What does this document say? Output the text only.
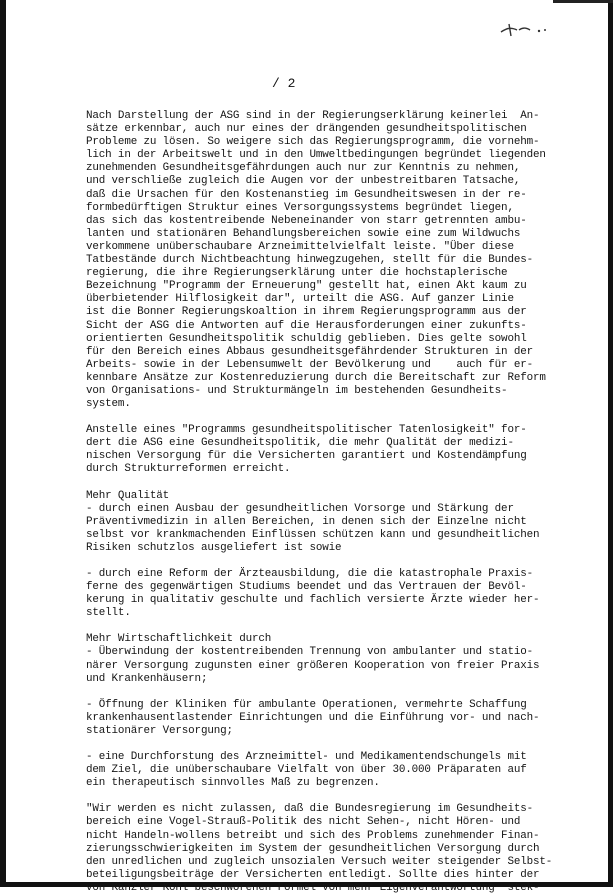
/ 2

Nach Darstellung der ASG sind in der Regierungserklärung keinerlei  An-
sätze erkennbar, auch nur eines der drängenden gesundheitspolitischen
Probleme zu lösen. So weigere sich das Regierungsprogramm, die vornehm-
lich in der Arbeitswelt und in den Umweltbedingungen begründet liegenden
zunehmenden Gesundheitsgefährdungen auch nur zur Kenntnis zu nehmen,
und verschließe zugleich die Augen vor der unbestreitbaren Tatsache,
daß die Ursachen für den Kostenanstieg im Gesundheitswesen in der re-
formbedürftigen Struktur eines Versorgungssystems begründet liegen,
das sich das kostentreibende Nebeneinander von starr getrennten ambu-
lanten und stationären Behandlungsbereichen sowie eine zum Wildwuchs
verkommene unüberschaubare Arzneimittelvielfalt leiste. "Über diese
Tatbestände durch Nichtbeachtung hinwegzugehen, stellt für die Bundes-
regierung, die ihre Regierungserklärung unter die hochstaplerische
Bezeichnung "Programm der Erneuerung" gestellt hat, einen Akt kaum zu
überbietender Hilflosigkeit dar", urteilt die ASG. Auf ganzer Linie
ist die Bonner Regierungskoaltion in ihrem Regierungsprogramm aus der
Sicht der ASG die Antworten auf die Herausforderungen einer zukunfts-
orientierten Gesundheitspolitik schuldig geblieben. Dies gelte sowohl
für den Bereich eines Abbaus gesundheitsgefährdender Strukturen in der
Arbeits- sowie in der Lebensumwelt der Bevölkerung und    auch für er-
kennbare Ansätze zur Kostenreduzierung durch die Bereitschaft zur Reform
von Organisations- und Strukturmängeln im bestehenden Gesundheits-
system.

Anstelle eines "Programms gesundheitspolitischer Tatenlosigkeit" for-
dert die ASG eine Gesundheitspolitik, die mehr Qualität der medizi-
nischen Versorgung für die Versicherten garantiert und Kostendämpfung
durch Strukturreformen erreicht.

Mehr Qualität
- durch einen Ausbau der gesundheitlichen Vorsorge und Stärkung der
Präventivmedizin in allen Bereichen, in denen sich der Einzelne nicht
selbst vor krankmachenden Einflüssen schützen kann und gesundheitlichen
Risiken schutzlos ausgeliefert ist sowie

- durch eine Reform der Ärzteausbildung, die die katastrophale Praxis-
ferne des gegenwärtigen Studiums beendet und das Vertrauen der Bevöl-
kerung in qualitativ geschulte und fachlich versierte Ärzte wieder her-
stellt.

Mehr Wirtschaftlichkeit durch
- Überwindung der kostentreibenden Trennung von ambulanter und statio-
närer Versorgung zugunsten einer größeren Kooperation von freier Praxis
und Krankenhäusern;

- Öffnung der Kliniken für ambulante Operationen, vermehrte Schaffung
krankenhausentlastender Einrichtungen und die Einführung vor- und nach-
stationärer Versorgung;

- eine Durchforstung des Arzneimittel- und Medikamentendschungels mit
dem Ziel, die unüberschaubare Vielfalt von über 30.000 Präparaten auf
ein therapeutisch sinnvolles Maß zu begrenzen.

"Wir werden es nicht zulassen, daß die Bundesregierung im Gesundheits-
bereich eine Vogel-Strauß-Politik des nicht Sehen-, nicht Hören- und
nicht Handeln-wollens betreibt und sich des Problems zunehmender Finan-
zierungsschwierigkeiten im System der gesundheitlichen Versorgung durch
den unredlichen und zugleich unsozialen Versuch weiter steigender Selbst-
beteiligungsbeiträge der Versicherten entledigt. Sollte dies hinter der
von Kanzler Kohl beschworenen Formel von mehr Eigenverantwortung  stek-
